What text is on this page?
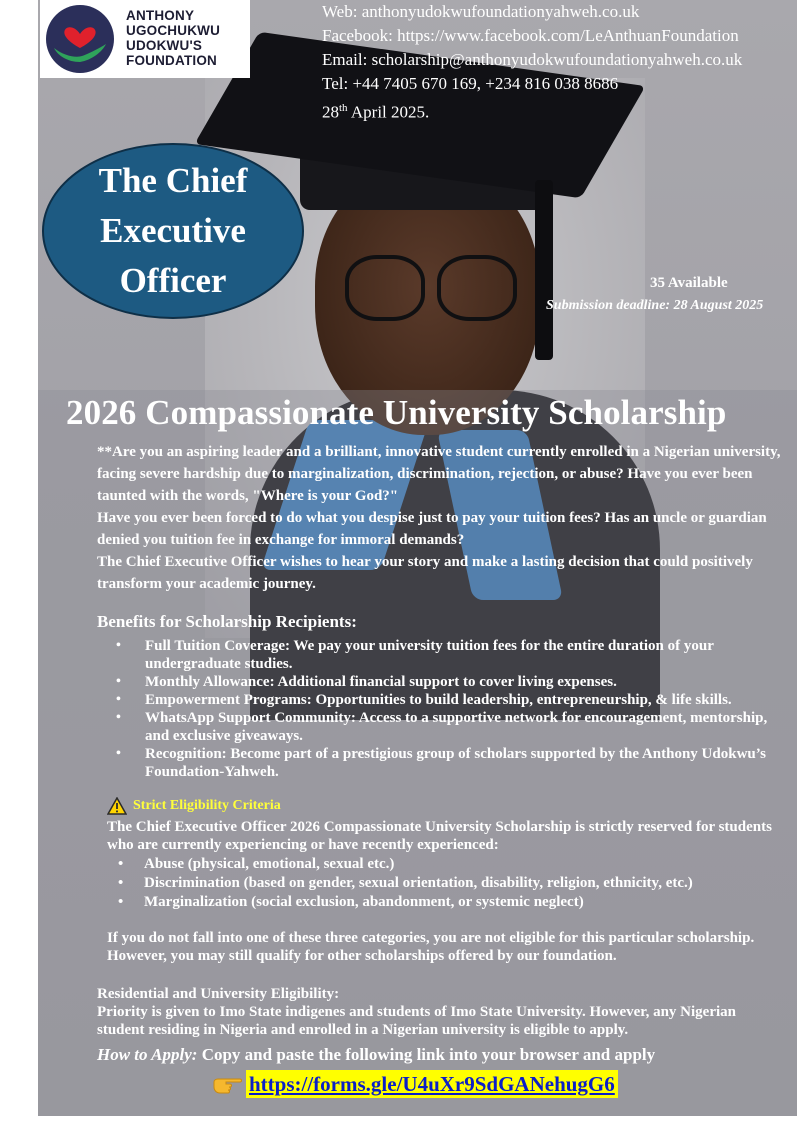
ANTHONY
UGOCHUKWU
UDOKWU'S
FOUNDATION
Web: anthonyudokwufoundationyahweh.co.uk
Facebook: https://www.facebook.com/LeAnthuanFoundation
Email: scholarship@anthonyudokwufoundationyahweh.co.uk
Tel: +44 7405 670 169, +234 816 038 8686
28th April 2025.
The Chief
Executive
Officer	35 Available
Submission deadline: 28 August 2025
2026 Compassionate University Scholarship

**Are you an aspiring leader and a brilliant, innovative student currently enrolled in a Nigerian university, facing severe hardship due to marginalization, discrimination, rejection, or abuse? Have you ever been taunted with the words, "Where is your God?"

Have you ever been forced to do what you despise just to pay your tuition fees? Has an uncle or guardian denied you tuition fee in exchange for immoral demands?

The Chief Executive Officer wishes to hear your story and make a lasting decision that could positively transform your academic journey.

Benefits for Scholarship Recipients:
• Full Tuition Coverage: We pay your university tuition fees for the entire duration of your undergraduate studies.
• Monthly Allowance: Additional financial support to cover living expenses.
• Empowerment Programs: Opportunities to build leadership, entrepreneurship, & life skills.
• WhatsApp Support Community: Access to a supportive network for encouragement, mentorship, and exclusive giveaways.
• Recognition: Become part of a prestigious group of scholars supported by the Anthony Udokwu’s Foundation-Yahweh.
Strict Eligibility Criteria
The Chief Executive Officer 2026 Compassionate University Scholarship is strictly reserved for students who are currently experiencing or have recently experienced:
• Abuse (physical, emotional, sexual etc.)
• Discrimination (based on gender, sexual orientation, disability, religion, ethnicity, etc.)
• Marginalization (social exclusion, abandonment, or systemic neglect)
If you do not fall into one of these three categories, you are not eligible for this particular scholarship. However, you may still qualify for other scholarships offered by our foundation.

Residential and University Eligibility:

Priority is given to Imo State indigenes and students of Imo State University. However, any Nigerian student residing in Nigeria and enrolled in a Nigerian university is eligible to apply.

How to Apply: Copy and paste the following link into your browser and apply
https://forms.gle/U4uXr9SdGANehugG6
